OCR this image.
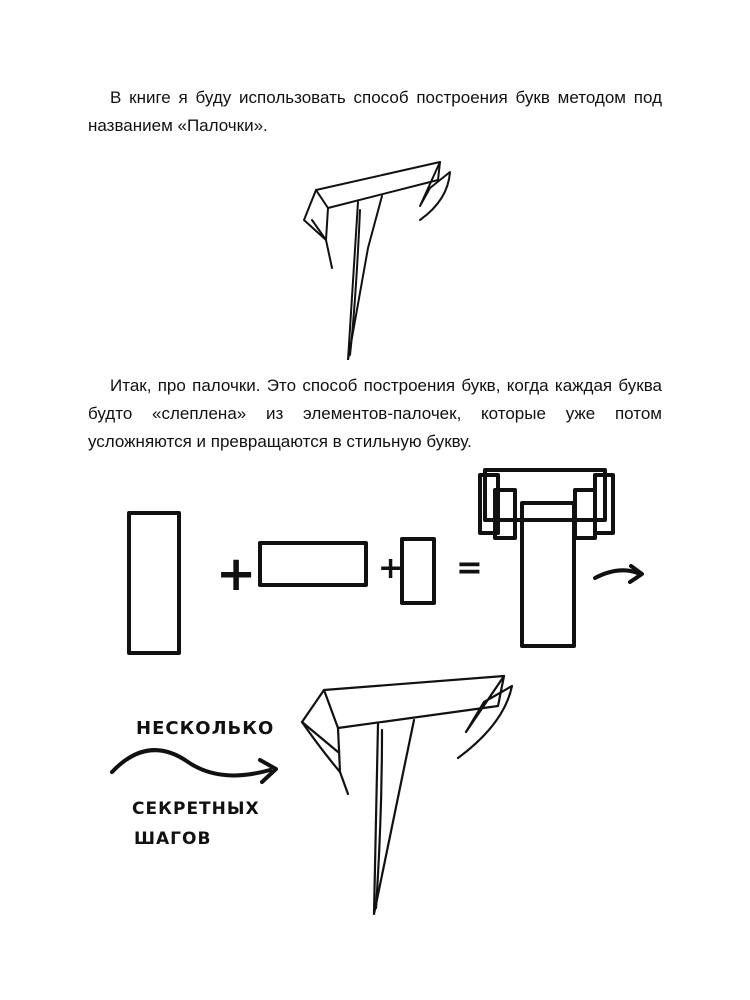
В книге я буду использовать способ построения букв методом под названием «Палочки».

Итак, про палочки. Это способ построения букв, когда каждая буква будто «слеплена» из элементов-палочек, которые уже потом усложняются и превращаются в стильную букву.

+	+ =
НЕСКОЛЬКО
СЕКРЕТНЫХ
ШАГОВ
